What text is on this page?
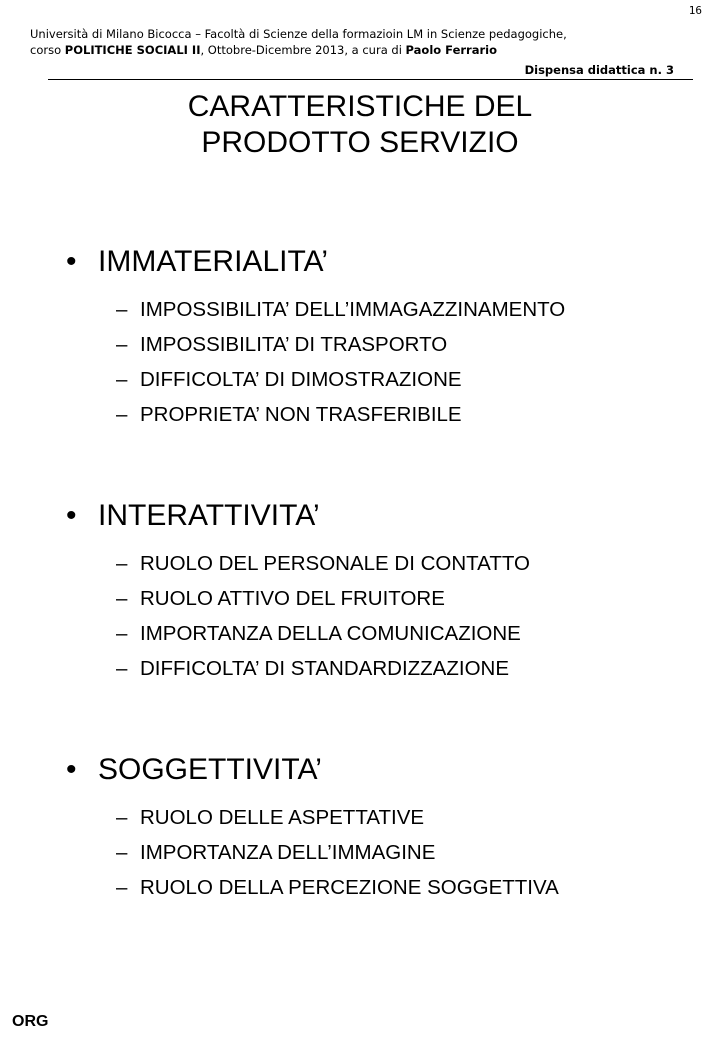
16
Università di Milano Bicocca – Facoltà di Scienze della formazioin LM in Scienze pedagogiche,
corso POLITICHE SOCIALI II, Ottobre-Dicembre 2013, a cura di Paolo Ferrario
Dispensa didattica n. 3
CARATTERISTICHE DEL
PRODOTTO SERVIZIO
• IMMATERIALITA’
– IMPOSSIBILITA’ DELL’IMMAGAZZINAMENTO
– IMPOSSIBILITA’ DI TRASPORTO
– DIFFICOLTA’ DI DIMOSTRAZIONE
– PROPRIETA’ NON TRASFERIBILE
• INTERATTIVITA’
– RUOLO DEL PERSONALE DI CONTATTO
– RUOLO ATTIVO DEL FRUITORE
– IMPORTANZA DELLA COMUNICAZIONE
– DIFFICOLTA’ DI STANDARDIZZAZIONE
• SOGGETTIVITA’
– RUOLO DELLE ASPETTATIVE
– IMPORTANZA DELL’IMMAGINE
– RUOLO DELLA PERCEZIONE SOGGETTIVA
ORG
